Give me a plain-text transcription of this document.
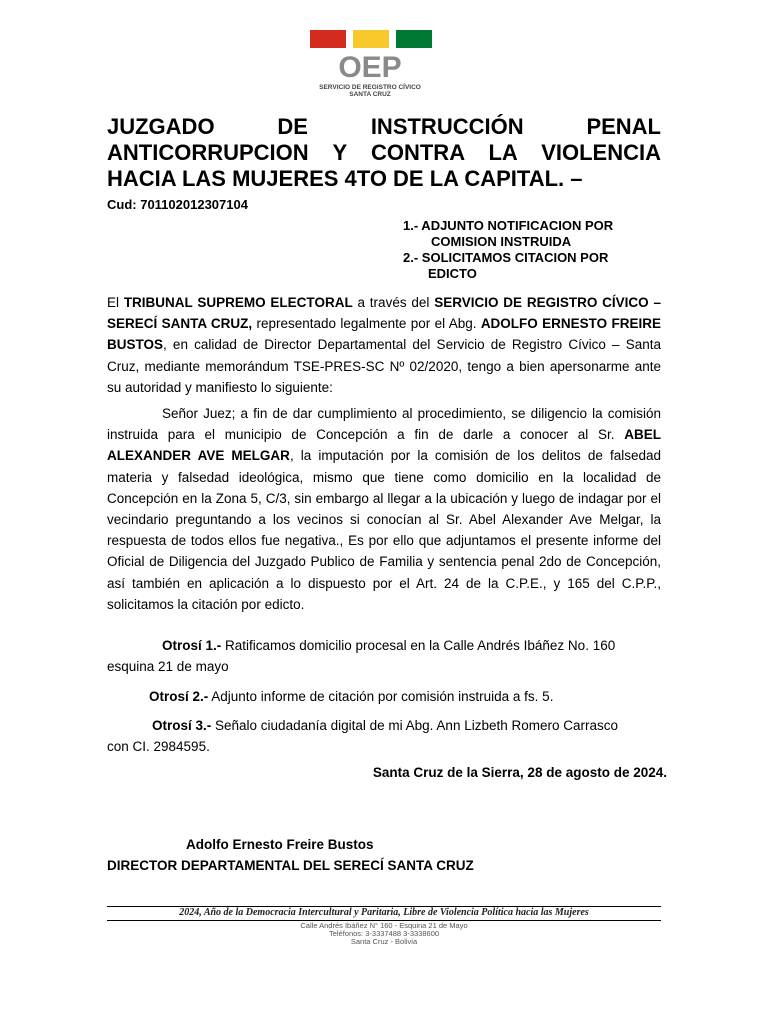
OEP
SERVICIO DE REGISTRO CÍVICO
SANTA CRUZ
JUZGADO DE INSTRUCCIÓN PENAL ANTICORRUPCION Y CONTRA LA VIOLENCIA HACIA LAS MUJERES 4TO DE LA CAPITAL. –
Cud: 701102012307104
1.- ADJUNTO NOTIFICACION POR
COMISION INSTRUIDA
2.- SOLICITAMOS CITACION POR
EDICTO

El TRIBUNAL SUPREMO ELECTORAL a través del SERVICIO DE REGISTRO CÍVICO – SERECÍ SANTA CRUZ, representado legalmente por el Abg. ADOLFO ERNESTO FREIRE BUSTOS, en calidad de Director Departamental del Servicio de Registro Cívico – Santa Cruz, mediante memorándum TSE-PRES-SC Nº 02/2020, tengo a bien apersonarme ante su autoridad y manifiesto lo siguiente:

Señor Juez; a fin de dar cumplimiento al procedimiento, se diligencio la comisión instruida para el municipio de Concepción a fin de darle a conocer al Sr. ABEL ALEXANDER AVE MELGAR, la imputación por la comisión de los delitos de falsedad materia y falsedad ideológica, mismo que tiene como domicilio en la localidad de Concepción en la Zona 5, C/3, sin embargo al llegar a la ubicación y luego de indagar por el vecindario preguntando a los vecinos si conocían al Sr. Abel Alexander Ave Melgar, la respuesta de todos ellos fue negativa., Es por ello que adjuntamos el presente informe del Oficial de Diligencia del Juzgado Publico de Familia y sentencia penal 2do de Concepción, así también en aplicación a lo dispuesto por el Art. 24 de la C.P.E., y 165 del C.P.P., solicitamos la citación por edicto.

Otrosí 1.- Ratificamos domicilio procesal en la Calle Andrés Ibáñez No. 160
esquina 21 de mayo
Otrosí 2.- Adjunto informe de citación por comisión instruida a fs. 5.
Otrosí 3.- Señalo ciudadanía digital de mi Abg. Ann Lizbeth Romero Carrasco
con CI. 2984595.
Santa Cruz de la Sierra, 28 de agosto de 2024.
Adolfo Ernesto Freire Bustos
DIRECTOR DEPARTAMENTAL DEL SERECÍ SANTA CRUZ
2024, Año de la Democracia Intercultural y Paritaria, Libre de Violencia Política hacia las Mujeres
Calle Andrés Ibáñez N° 160 - Esquina 21 de Mayo
Teléfonos: 3-3337488 3-3338600
Santa Cruz - Bolivia
